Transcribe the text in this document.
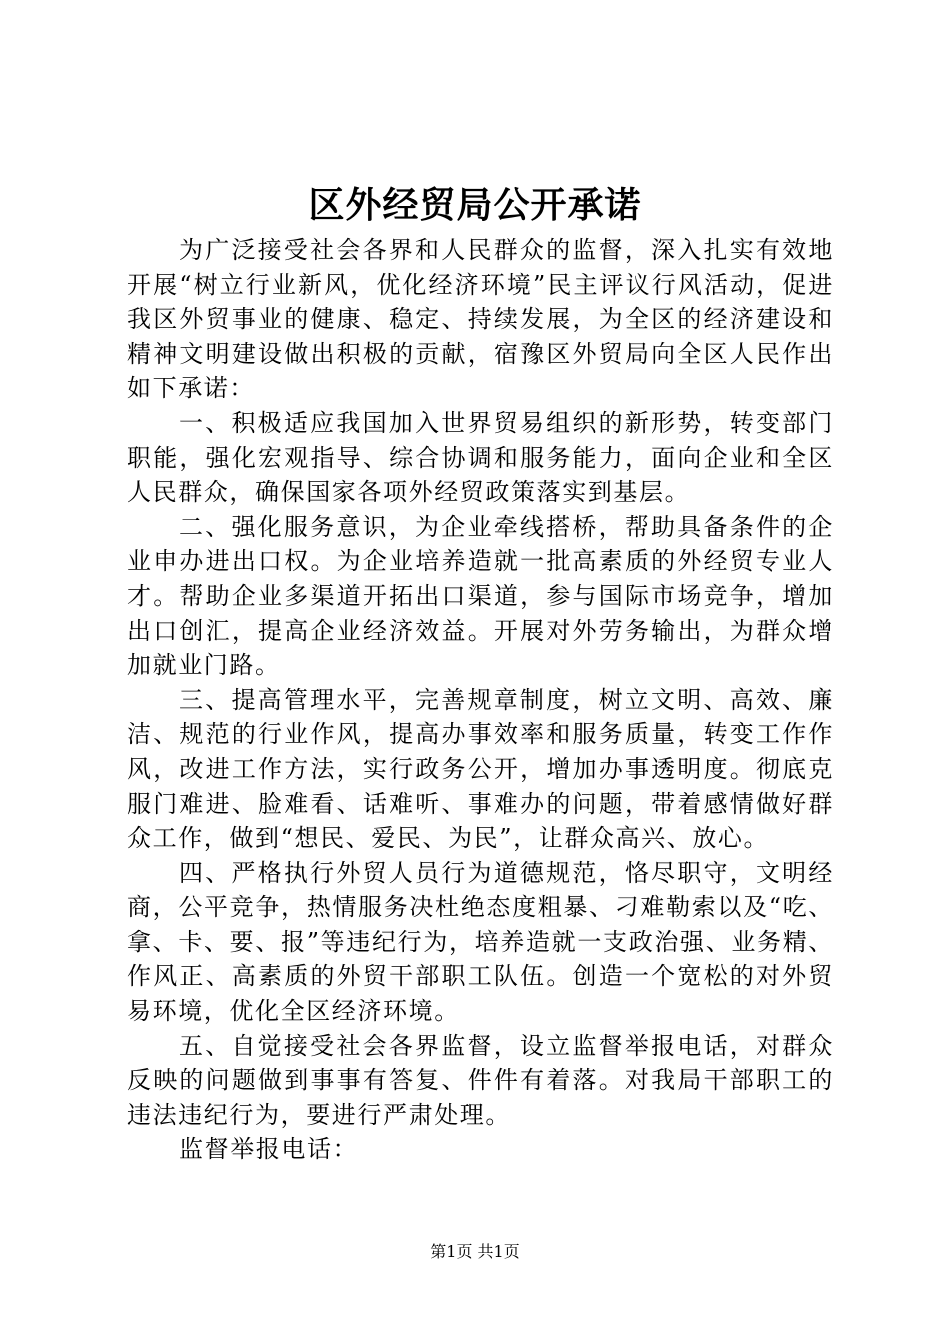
区外经贸局公开承诺

为广泛接受社会各界和人民群众的监督，深入扎实有效地开展“树立行业新风，优化经济环境”民主评议行风活动，促进我区外贸事业的健康、稳定、持续发展，为全区的经济建设和精神文明建设做出积极的贡献，宿豫区外贸局向全区人民作出如下承诺：

一、积极适应我国加入世界贸易组织的新形势，转变部门职能，强化宏观指导、综合协调和服务能力，面向企业和全区人民群众，确保国家各项外经贸政策落实到基层。

二、强化服务意识，为企业牵线搭桥，帮助具备条件的企业申办进出口权。为企业培养造就一批高素质的外经贸专业人才。帮助企业多渠道开拓出口渠道，参与国际市场竞争，增加出口创汇，提高企业经济效益。开展对外劳务输出，为群众增加就业门路。

三、提高管理水平，完善规章制度，树立文明、高效、廉洁、规范的行业作风，提高办事效率和服务质量，转变工作作风，改进工作方法，实行政务公开，增加办事透明度。彻底克服门难进、脸难看、话难听、事难办的问题，带着感情做好群众工作，做到“想民、爱民、为民”，让群众高兴、放心。

四、严格执行外贸人员行为道德规范，恪尽职守，文明经商，公平竞争，热情服务决杜绝态度粗暴、刁难勒索以及“吃、拿、卡、要、报”等违纪行为，培养造就一支政治强、业务精、作风正、高素质的外贸干部职工队伍。创造一个宽松的对外贸易环境，优化全区经济环境。

五、自觉接受社会各界监督，设立监督举报电话，对群众反映的问题做到事事有答复、件件有着落。对我局干部职工的违法违纪行为，要进行严肃处理。

监督举报电话：

第1页 共1页
